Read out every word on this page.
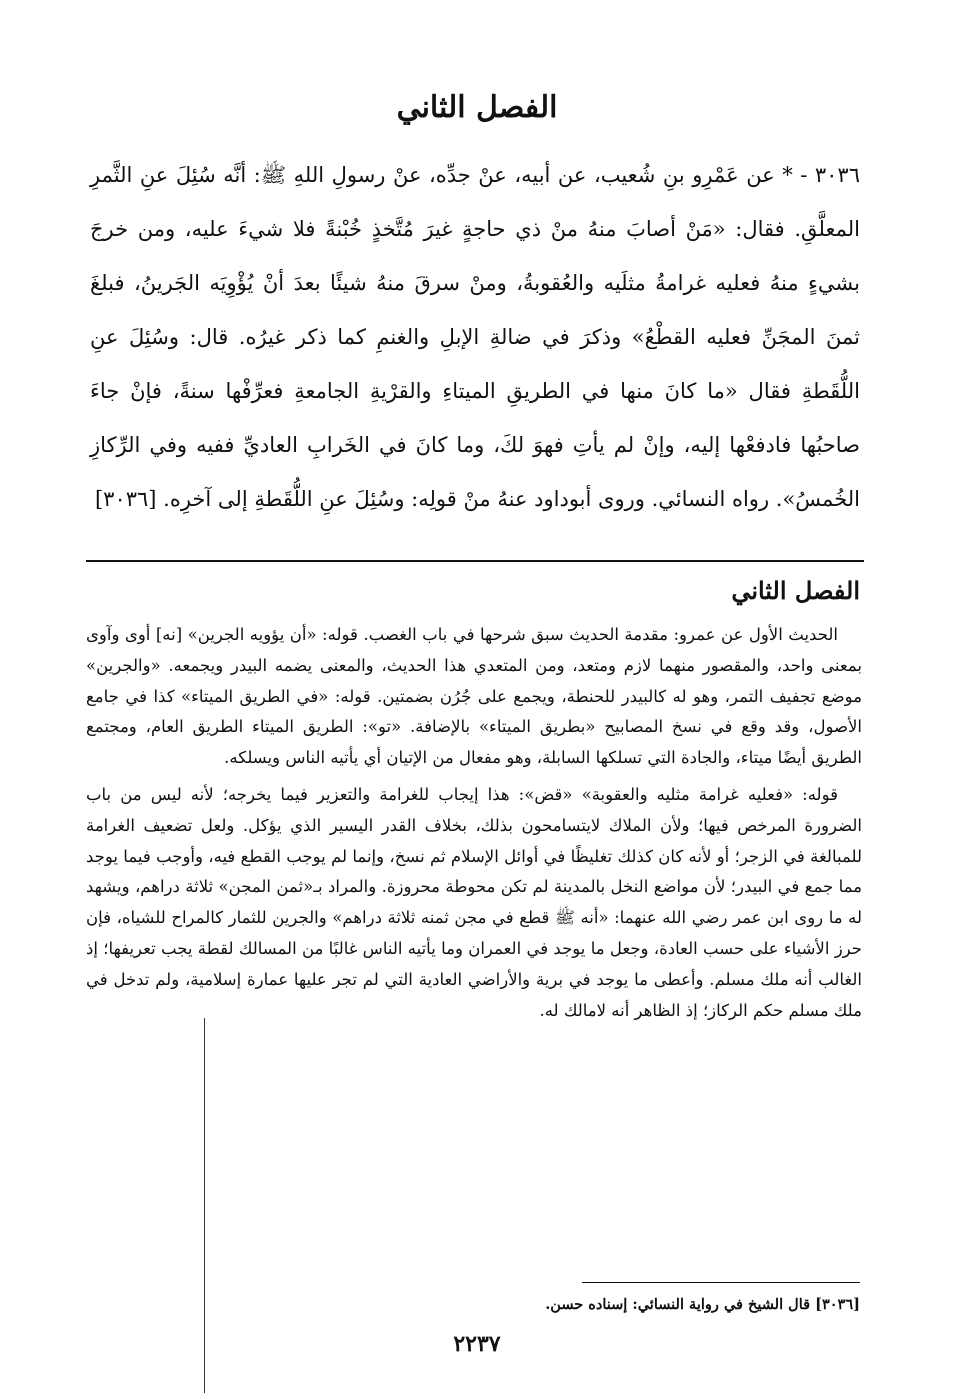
الفصل الثاني
٣٠٣٦ - * عن عَمْرِو بنِ شُعيب، عن أبيه، عنْ جدِّه، عنْ رسولِ اللهِ ﷺ: أنَّه سُئِلَ عنِ الثَّمرِ المعلَّقِ. فقال: «مَنْ أصابَ منهُ منْ ذي حاجةٍ غيرَ مُتَّخذٍ خُبْنةً فلا شيءَ عليه، ومن خرجَ بشيءٍ منهُ فعليه غرامةُ مثلَيه والعُقوبةُ، ومنْ سرقَ منهُ شيئًا بعدَ أنْ يُؤْوِيَه الجَرينُ، فبلغَ ثمنَ المجَنِّ فعليه القطْعُ» وذكرَ في ضالةِ الإبلِ والغنمِ كما ذكر غيرُه. قال: وسُئِلَ عنِ اللُّقَطةِ فقال «ما كانَ منها في الطريقِ الميتاءِ والقرْيةِ الجامعةِ فعرِّفْها سنةً، فإنْ جاءَ صاحبُها فادفعْها إليه، وإنْ لم يأتِ فهوَ لكَ، وما كانَ في الخَرابِ العاديِّ ففيه وفي الرِّكازِ الخُمسُ». رواه النسائي. وروى أبوداود عنهُ منْ قولِه: وسُئِلَ عنِ اللُّقَطةِ إلى آخرِه. [٣٠٣٦]
الفصل الثاني

الحديث الأول عن عمرو: مقدمة الحديث سبق شرحها في باب الغصب. قوله: «أن يؤويه الجرين» [نه] أوى وآوى بمعنى واحد، والمقصور منهما لازم ومتعد، ومن المتعدي هذا الحديث، والمعنى يضمه البيدر ويجمعه. «والجرين» موضع تجفيف التمر، وهو له كالبيدر للحنطة، ويجمع على جُرُن بضمتين. قوله: «في الطريق الميتاء» كذا في جامع الأصول، وقد وقع في نسخ المصابيح «بطريق الميتاء» بالإضافة. «تو»: الطريق الميتاء الطريق العام، ومجتمع الطريق أيضًا ميتاء، والجادة التي تسلكها السابلة، وهو مفعال من الإتيان أي يأتيه الناس ويسلكه.

قوله: «فعليه غرامة مثليه والعقوبة» «قض»: هذا إيجاب للغرامة والتعزير فيما يخرجه؛ لأنه ليس من باب الضرورة المرخص فيها؛ ولأن الملاك لايتسامحون بذلك، بخلاف القدر اليسير الذي يؤكل. ولعل تضعيف الغرامة للمبالغة في الزجر؛ أو لأنه كان كذلك تغليظًا في أوائل الإسلام ثم نسخ، وإنما لم يوجب القطع فيه، وأوجب فيما يوجد مما جمع في البيدر؛ لأن مواضع النخل بالمدينة لم تكن محوطة محروزة. والمراد بـ«ثمن المجن» ثلاثة دراهم، ويشهد له ما روى ابن عمر رضي الله عنهما: «أنه ﷺ قطع في مجن ثمنه ثلاثة دراهم» والجرين للثمار كالمراح للشياه، فإن حرز الأشياء على حسب العادة، وجعل ما يوجد في العمران وما يأتيه الناس غالبًا من المسالك لقطة يجب تعريفها؛ إذ الغالب أنه ملك مسلم. وأعطى ما يوجد في برية والأراضي العادية التي لم تجر عليها عمارة إسلامية، ولم تدخل في ملك مسلم حكم الركاز؛ إذ الظاهر أنه لامالك له.

[٣٠٣٦] قال الشيخ في رواية النسائي: إسناده حسن.
٢٢٣٧
